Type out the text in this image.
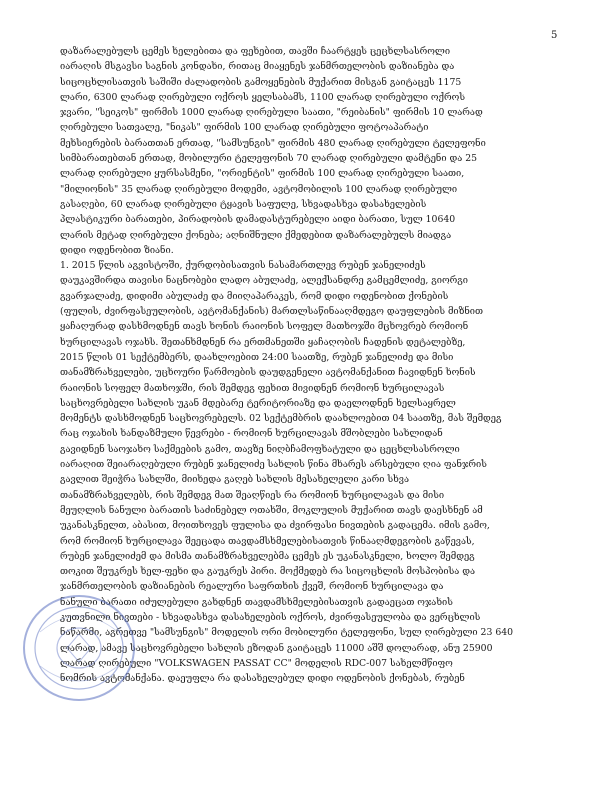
5
დაზარალებულს ცემეს ხელებითა და ფეხებით, თავში ჩაარტყეს ცეცხლსასროლი
იარაღის მსგავსი საგნის კონდახი, რითაც მიაყენეს ჯანმრთელობის დაზიანება და
სიცოცხლისათვის საშიში ძალადობის გამოყენების მუქარით მისგან გაიტაცეს 1175
ლარი, 6300 ლარად ღირებული ოქროს ყელსაბამს, 1100 ლარად ღირებული ოქროს
ჯვარი, "სეიკოს" ფირმის 1000 ლარად ღირებული საათი, "რეიბანის" ფირმის 10 ლარად
ღირებული სათვალე, "ნიკას" ფირმის 100 ლარად ღირებული ფოტოაპარატი
მეხსიერების ბარათთან ერთად, "სამსუნგის" ფირმის 480 ლარად ღირებული ტელეფონი
სიმბარათებთან ერთად, მობილური ტელეფონის 70 ლარად ღირებული დამტენი და 25
ლარად ღირებული ყურსასმენი, "ორიენტის" ფირმის 100 ლარად ღირებული საათი,
"მილიონის" 35 ლარად ღირებული მოდემი, ავტომობილის 100 ლარად ღირებული
გასაღები, 60 ლარად ღირებული ტყავის საფულე, სხვადასხვა დასახელების
პლასტიკური ბარათები, პირადობის დამადასტურებელი აიდი ბარათი, სულ 10640
ლარის მეტად ღირებული ქონება; აღნიშნული ქმედებით დაზარალებულს მიადგა
დიდი ოდენობით ზიანი.
1. 2015 წლის აგვისტოში, ქურდობისათვის ნასამართლევ რუბენ ჯანელიძეს
დაუკავშირდა თავისი ნაცნობები ლადო აბულაძე, ალექსანდრე გამცემლიძე, გიორგი
გვარჯალაძე, დიდიმი აბულაძე და მიიღაპარაკეს, რომ დიდი ოდენობით ქონების
(ფულის, ძვირფასეულობის, ავტომანქანის) მართლსაწინააღმდეგო დაუფლების მიზნით
ყაჩაღურად დასხმოდნენ თავს ხონის რაიონის სოფელ მათხოჯში მცხოვრებ რომიონ
ხურცილავას ოჯახს. შეთანხმდნენ რა ერთმანეთში ყაჩაღობის ჩადენის დეტალებზე,
2015 წლის 01 სექტემბერს, დაახლოებით 24:00 საათზე, რუბენ ჯანელიძე და მისი
თანამზრახველები, უცხოური წარმოების დაუდგენელი ავტომანქანით ჩავიდნენ ხონის
რაიონის სოფელ მათხოჯში, რის შემდეგ ფეხით მივიდნენ რომიონ ხურცილავას
საცხოვრებელი სახლის უკან მდებარე ტერიტორიაზე და დაელოდნენ ხელსაყრელ
მომენტს დასხმოდნენ საცხოვრებელს. 02 სექტემბრის დაახლოებით 04 საათზე, მას შემდეგ
რაც ოჯახის ხანდაზმული წევრები - რომიონ ხურცილავას მშობლები სახლიდან
გავიდნენ საოჯახო საქმეების გამო, თავზე ნიღბჩამოფხატული და ცეცხლსასროლი
იარაღით შეიარაღებული რუბენ ჯანელიძე სახლის წინა მხარეს არსებული ღია ფანჯრის
გავლით შეიჭრა სახლში, მიიხედა გაღებ სახლის მესახელელი კარი სხვა
თანამზრახველებს, რის შემდეგ მათ შეაღწიეს რა რომიონ ხურცილავას და მისი
მეუღლის ნანული ბარათის საძინებელ ოთახში, მოკლულის მუქარით თავს დაესხნენ ამ
უკანასკნელთ, აბასით, მოითხოვეს ფულისა და ძვირფასი ნივთების გადაცემა. იმის გამო,
რომ რომიონ ხურცილავა შეეცადა თავდამსხმელებისათვის წინააღმდეგობის გაწევას,
რუბენ ჯანელიძემ და მისმა თანამზრახველებმა ცემეს ეს უკანასკნელი, ხოლო შემდეგ
თოკით შეუკრეს ხელ-ფეხი და გაუკრეს პირი. მოქმედებ რა სიცოცხლის მოსპობისა და
ჯანმრთელობის დაზიანების რეალური საფრთხის ქვეშ, რომიონ ხურცილავა და
ნანული ბარათი იძულებული გახდნენ თავდამსხმელებისათვის გადაეცათ ოჯახის
კუთვნილი ნივთები - სხვადასხვა დასახელების ოქროს, ძვირფასეულობა და ვერცხლის
ნაწარმი, აგრეთვე "სამსუნგის" მოდელის ორი მობილური ტელეფონი, სულ ღირებული 23 640
ლარად, ამავე საცხოვრებელი სახლის ეზოდან გაიტაცეს 11000 აშშ დოლარად, ანუ 25900
ლარად ღირებული "VOLKSWAGEN PASSAT CC" მოდელის RDC-007 სახელმწიფო
ნომრის ავტომანქანა. დაეუფლა რა დასახელებულ დიდი ოდენობის ქონებას, რუბენ
